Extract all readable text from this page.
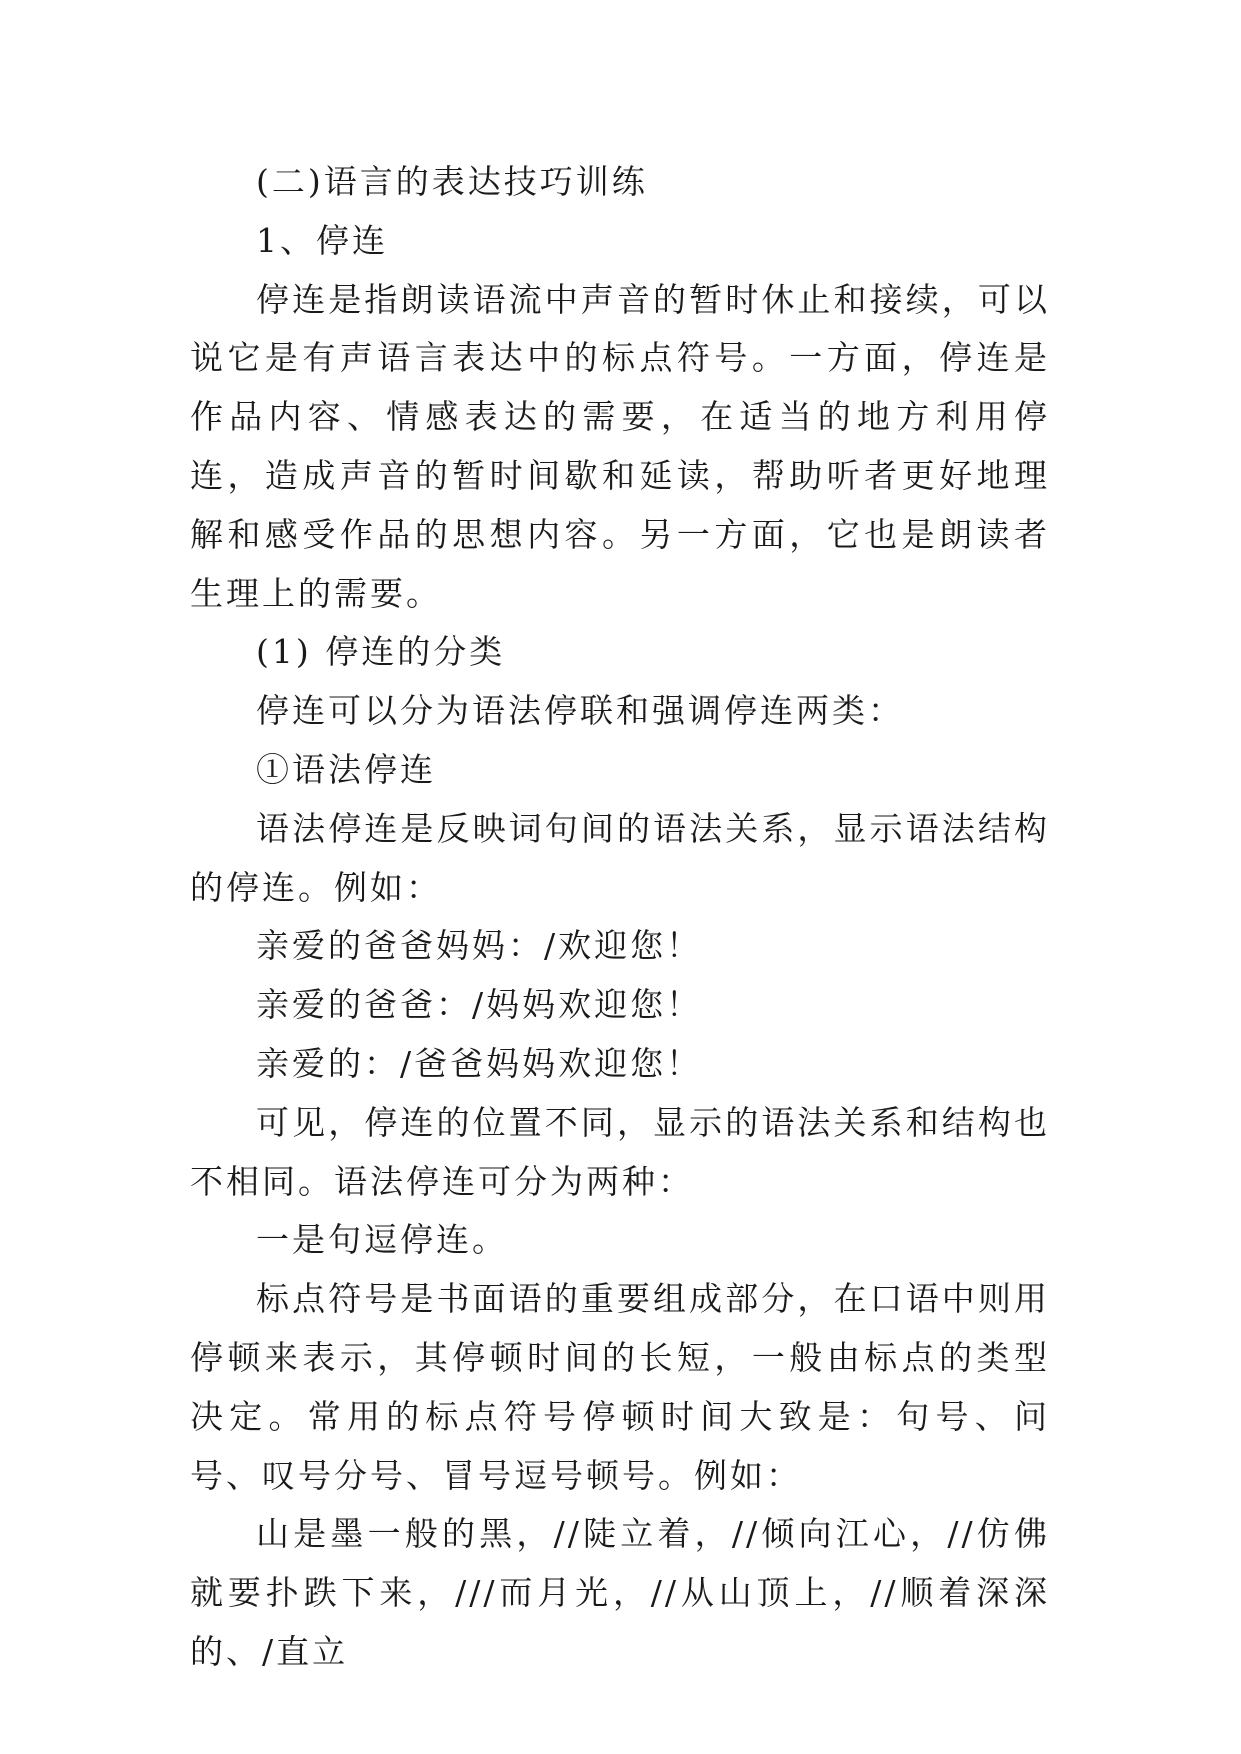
(二)语言的表达技巧训练

1、停连

停连是指朗读语流中声音的暂时休止和接续，可以说它是有声语言表达中的标点符号。一方面，停连是作品内容、情感表达的需要，在适当的地方利用停连，造成声音的暂时间歇和延读，帮助听者更好地理解和感受作品的思想内容。另一方面，它也是朗读者生理上的需要。

(1) 停连的分类

停连可以分为语法停联和强调停连两类：

①语法停连

语法停连是反映词句间的语法关系，显示语法结构的停连。例如：

亲爱的爸爸妈妈：/欢迎您！

亲爱的爸爸：/妈妈欢迎您！

亲爱的：/爸爸妈妈欢迎您！

可见，停连的位置不同，显示的语法关系和结构也不相同。语法停连可分为两种：

一是句逗停连。

标点符号是书面语的重要组成部分，在口语中则用停顿来表示，其停顿时间的长短，一般由标点的类型决定。常用的标点符号停顿时间大致是：句号、问号、叹号分号、冒号逗号顿号。例如：

山是墨一般的黑，//陡立着，//倾向江心，//仿佛就要扑跌下来，///而月光，//从山顶上，//顺着深深的、/直立
